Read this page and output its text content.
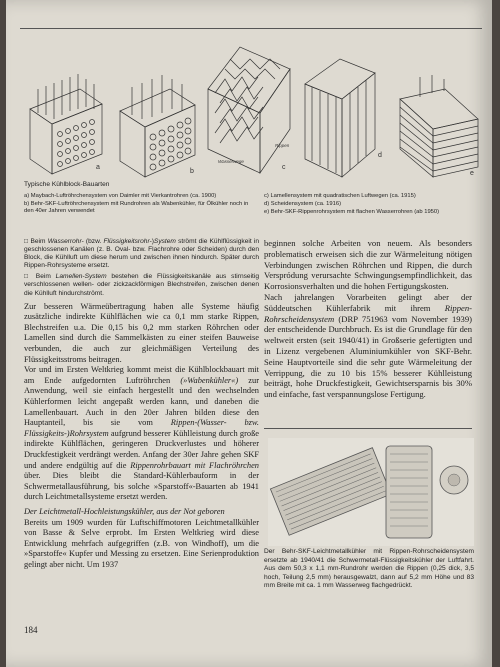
a
b
Rippen
Wasserwege
c
d
e
Typische Kühlblock-Bauarten

a) Maybach-Luftröhrchensystem von Daimler mit Vierkantrohren (ca. 1900)

b) Behr-SKF-Luftröhrchensystem mit Rundrohren als Wabenkühler, für Ölkühler noch in den 40er Jahren verwendet

c) Lamellensystem mit quadratischen Luftwegen (ca. 1915)

d) Scheidensystem (ca. 1916)

e) Behr-SKF-Rippenrohrsystem mit flachen Wasserrohren (ab 1950)

□ Beim Wasserrohr- (bzw. Flüssigkeitsrohr-)System strömt die Kühlflüssigkeit in geschlossenen Kanälen (z. B. Oval- bzw. Flachrohre oder Scheiden) durch den Block, die Kühlluft um diese herum und zwischen ihnen hindurch. Später durch Rippen-Rohrsysteme ersetzt.

□ Beim Lamellen-System bestehen die Flüssigkeitskanäle aus stirnseitig verschlossenen wellen- oder zickzackförmigen Blechstreifen, zwischen denen die Kühlluft hindurchströmt.

Zur besseren Wärmeübertragung haben alle Systeme häufig zusätzliche indirekte Kühlflächen wie ca 0,1 mm starke Rippen, Blechstreifen u.a. Die 0,15 bis 0,2 mm starken Röhrchen oder Lamellen sind durch die Sammelkästen zu einer steifen Bauweise verbunden, die auch zur gleichmäßigen Verteilung des Flüssigkeitsstroms beitragen.

Vor und im Ersten Weltkrieg kommt meist die Kühlblockbauart mit am Ende aufgedornten Luftröhrchen (»Wabenkühler«) zur Anwendung, weil sie einfach hergestellt und den wechselnden Kühlerformen leicht angepaßt werden kann, und daneben die Lamellenbauart. Auch in den 20er Jahren bilden diese den Hauptanteil, bis sie vom Rippen-(Wasser- bzw. Flüssigkeits-)Rohrsystem aufgrund besserer Kühlleistung durch große indirekte Kühlflächen, geringeren Druckverlustes und höherer Druckfestigkeit verdrängt werden. Anfang der 30er Jahre gehen SKF und andere endgültig auf die Rippenrohrbauart mit Flachröhrchen über. Dies bleibt die Standard-Kühlerbauform in der Schwermetallausführung, bis solche »Sparstoff«-Bauarten ab 1941 durch Leichtmetallsysteme ersetzt werden.

Der Leichtmetall-Hochleistungskühler, aus der Not geboren

Bereits um 1909 wurden für Luftschiffmotoren Leichtmetallkühler von Basse & Selve erprobt. Im Ersten Weltkrieg wird diese Entwicklung mehrfach aufgegriffen (z.B. von Windhoff), um die »Sparstoffe« Kupfer und Messing zu ersetzen. Eine Serienproduktion gelingt aber nicht. Um 1937

beginnen solche Arbeiten von neuem. Als besonders problematisch erweisen sich die zur Wärmeleitung nötigen Verbindungen zwischen Röhrchen und Rippen, die durch Verspródung verursachte Schwingungsempfindlichkeit, das Korrosionsverhalten und die hohen Fertigungskosten.

Nach jahrelangen Vorarbeiten gelingt aber der Süddeutschen Kühlerfabrik mit ihrem Rippen-Rohrscheidensystem (DRP 751963 vom November 1939) der entscheidende Durchbruch. Es ist die Grundlage für den weltweit ersten (seit 1940/41) in Großserie gefertigten und in Lizenz vergebenen Aluminiumkühler von SKF-Behr. Seine Hauptvorteile sind die sehr gute Wärmeleitung der Verrippung, die zu 10 bis 15% besserer Kühlleistung beiträgt, hohe Druckfestigkeit, Gewichtsersparnis bis 30% und einfache, fast verspannungslose Fertigung.

Der Behr-SKF-Leichtmetallkühler mit Rippen-Rohrscheidensystem ersetzte ab 1940/41 die Schwermetall-Flüssigkeitskühler der Luftfahrt. Aus dem 50,3 x 1,1 mm-Rundrohr werden die Rippen (0,25 dick, 3,5 hoch, Teilung 2,5 mm) herausgewalzt, dann auf 5,2 mm Höhe und 83 mm Breite mit ca. 1 mm Wasserweg flachgedrückt.
184
